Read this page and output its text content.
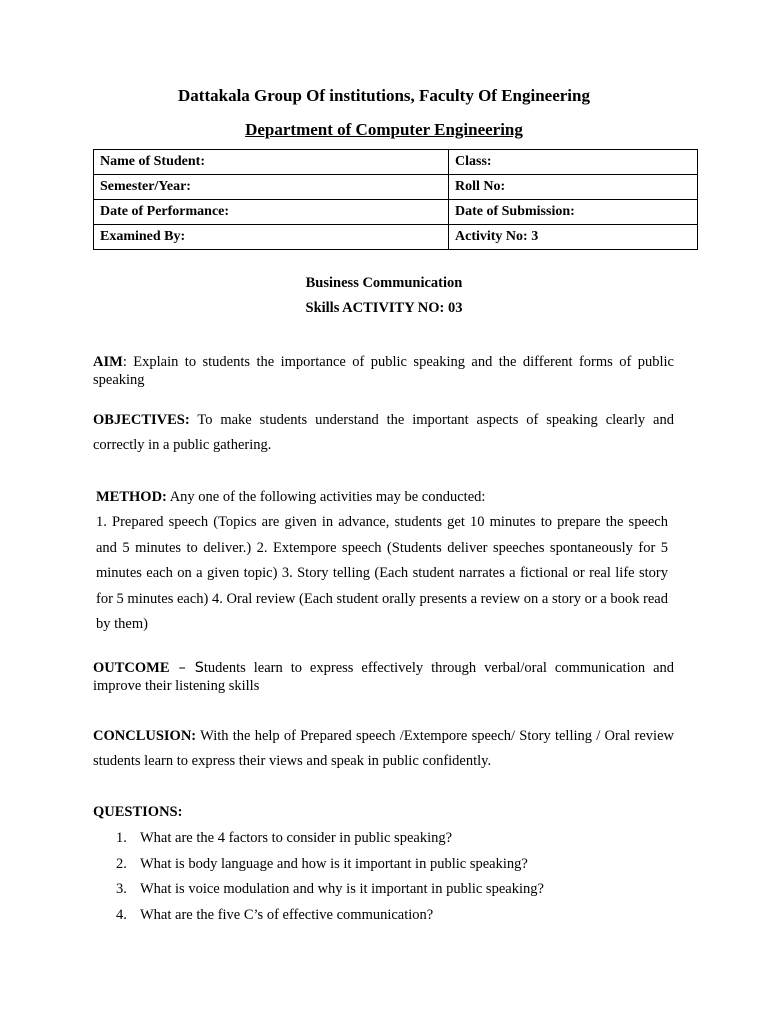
Dattakala Group Of institutions, Faculty Of Engineering
Department of Computer Engineering
Name of Student:	Class:
Semester/Year:	Roll No:
Date of Performance:	Date of Submission:
Examined By:	Activity No: 3
Business Communication
Skills ACTIVITY NO: 03
AIM: Explain to students the importance of public speaking and the different forms of public speaking
OBJECTIVES: To make students understand the important aspects of speaking clearly and correctly in a public gathering.
METHOD: Any one of the following activities may be conducted:
1. Prepared speech (Topics are given in advance, students get 10 minutes to prepare the speech and 5 minutes to deliver.) 2. Extempore speech (Students deliver speeches spontaneously for 5 minutes each on a given topic) 3. Story telling (Each student narrates a fictional or real life story for 5 minutes each) 4. Oral review (Each student orally presents a review on a story or a book read by them)
OUTCOME – Students learn to express effectively through verbal/oral communication and improve their listening skills
CONCLUSION: With the help of Prepared speech /Extempore speech/ Story telling / Oral review students learn to express their views and speak in public confidently.
QUESTIONS:
1. What are the 4 factors to consider in public speaking?
2. What is body language and how is it important in public speaking?
3. What is voice modulation and why is it important in public speaking?
4. What are the five C’s of effective communication?
